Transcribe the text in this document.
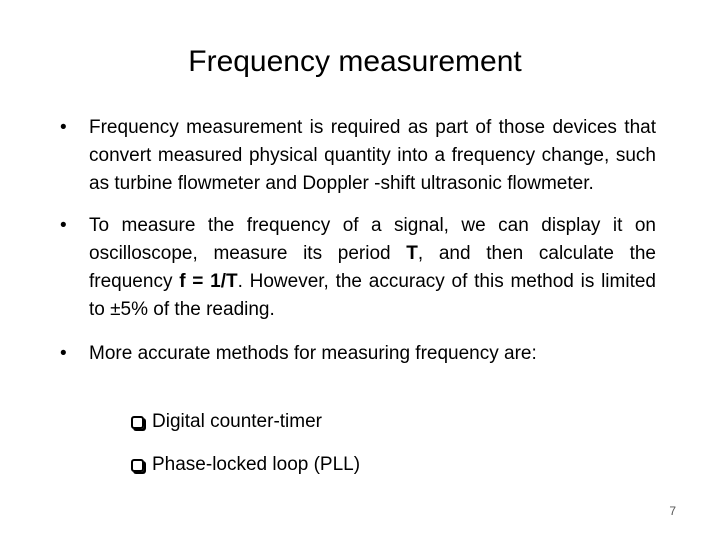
Frequency measurement
• Frequency measurement is required as part of those devices that convert measured physical quantity into a frequency change, such as turbine flowmeter and Doppler -shift ultrasonic flowmeter.
• To measure the frequency of a signal, we can display it on oscilloscope, measure its period T, and then calculate the frequency f = 1/T. However, the accuracy of this method is limited to ±5% of the reading.
• More accurate methods for measuring frequency are:
Digital counter-timer
Phase-locked loop (PLL)
7
